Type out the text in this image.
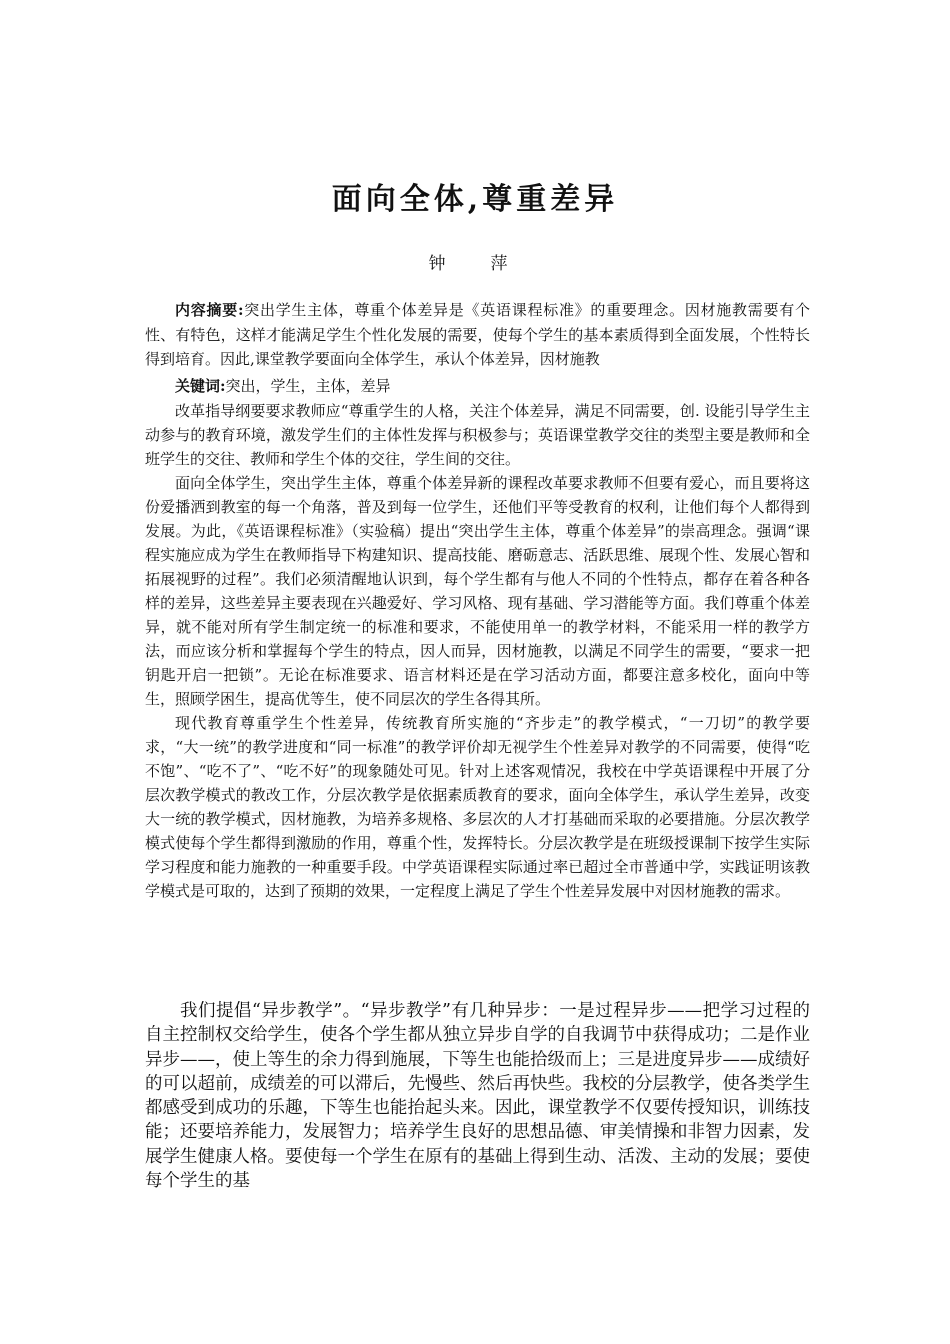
面向全体,尊重差异
钟　萍
内容摘要:突出学生主体，尊重个体差异是《英语课程标准》的重要理念。因材施教需要有个性、有特色，这样才能满足学生个性化发展的需要，使每个学生的基本素质得到全面发展，个性特长得到培育。因此,课堂教学要面向全体学生，承认个体差异，因材施教
关键词:突出，学生，主体，差异

改革指导纲要要求教师应“尊重学生的人格，关注个体差异，满足不同需要，创. 设能引导学生主动参与的教育环境，激发学生们的主体性发挥与积极参与；英语课堂教学交往的类型主要是教师和全班学生的交往、教师和学生个体的交往，学生间的交往。

面向全体学生，突出学生主体，尊重个体差异新的课程改革要求教师不但要有爱心，而且要将这份爱播洒到教室的每一个角落，普及到每一位学生，还他们平等受教育的权利，让他们每个人都得到发展。为此，《英语课程标准》（实验稿）提出“突出学生主体，尊重个体差异”的崇高理念。强调“课程实施应成为学生在教师指导下构建知识、提高技能、磨砺意志、活跃思维、展现个性、发展心智和拓展视野的过程”。我们必须清醒地认识到，每个学生都有与他人不同的个性特点，都存在着各种各样的差异，这些差异主要表现在兴趣爱好、学习风格、现有基础、学习潜能等方面。我们尊重个体差异，就不能对所有学生制定统一的标准和要求，不能使用单一的教学材料，不能采用一样的教学方法，而应该分析和掌握每个学生的特点，因人而异，因材施教，以满足不同学生的需要，“要求一把钥匙开启一把锁”。无论在标准要求、语言材料还是在学习活动方面，都要注意多校化，面向中等生，照顾学困生，提高优等生，使不同层次的学生各得其所。

现代教育尊重学生个性差异，传统教育所实施的“齐步走”的教学模式，“一刀切”的教学要求，“大一统”的教学进度和“同一标准”的教学评价却无视学生个性差异对教学的不同需要，使得“吃不饱”、“吃不了”、“吃不好”的现象随处可见。针对上述客观情况，我校在中学英语课程中开展了分层次教学模式的教改工作，分层次教学是依据素质教育的要求，面向全体学生，承认学生差异，改变大一统的教学模式，因材施教，为培养多规格、多层次的人才打基础而采取的必要措施。分层次教学模式使每个学生都得到激励的作用，尊重个性，发挥特长。分层次教学是在班级授课制下按学生实际学习程度和能力施教的一种重要手段。中学英语课程实际通过率已超过全市普通中学，实践证明该教学模式是可取的，达到了预期的效果，一定程度上满足了学生个性差异发展中对因材施教的需求。

我们提倡“异步教学”。“异步教学”有几种异步：一是过程异步——把学习过程的自主控制权交给学生，使各个学生都从独立异步自学的自我调节中获得成功；二是作业异步——，使上等生的余力得到施展，下等生也能拾级而上；三是进度异步——成绩好的可以超前，成绩差的可以滞后，先慢些、然后再快些。我校的分层教学，使各类学生都感受到成功的乐趣，下等生也能抬起头来。因此，课堂教学不仅要传授知识，训练技能；还要培养能力，发展智力；培养学生良好的思想品德、审美情操和非智力因素，发展学生健康人格。要使每一个学生在原有的基础上得到生动、活泼、主动的发展；要使每个学生的基
